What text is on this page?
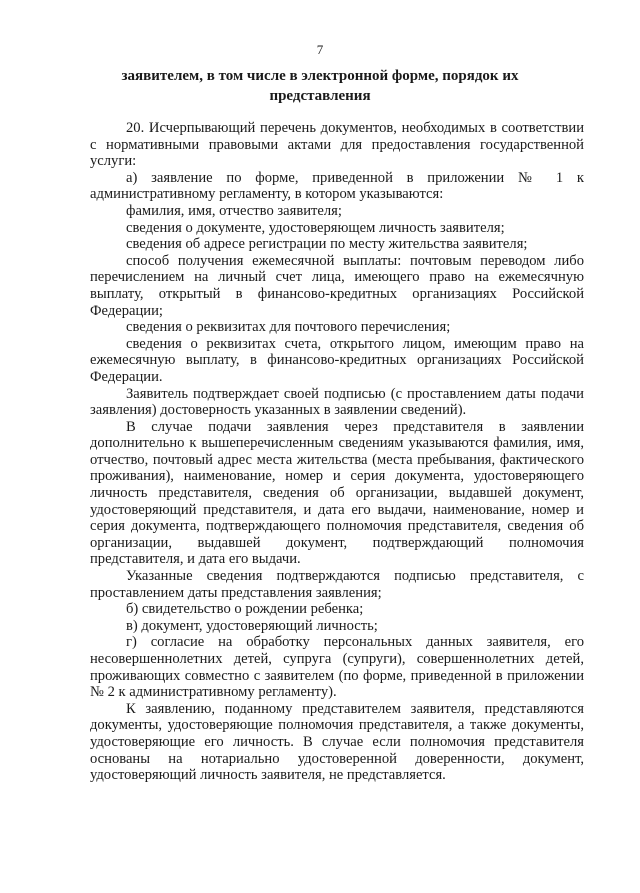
7
заявителем, в том числе в электронной форме, порядок их представления

20. Исчерпывающий перечень документов, необходимых в соответствии с нормативными правовыми актами для предоставления государственной услуги:

а) заявление по форме, приведенной в приложении № 1 к административному регламенту, в котором указываются:

фамилия, имя, отчество заявителя;

сведения о документе, удостоверяющем личность заявителя;

сведения об адресе регистрации по месту жительства заявителя;

способ получения ежемесячной выплаты: почтовым переводом либо перечислением на личный счет лица, имеющего право на ежемесячную выплату, открытый в финансово-кредитных организациях Российской Федерации;

сведения о реквизитах для почтового перечисления;

сведения о реквизитах счета, открытого лицом, имеющим право на ежемесячную выплату, в финансово-кредитных организациях Российской Федерации.

Заявитель подтверждает своей подписью (с проставлением даты подачи заявления) достоверность указанных в заявлении сведений).

В случае подачи заявления через представителя в заявлении дополнительно к вышеперечисленным сведениям указываются фамилия, имя, отчество, почтовый адрес места жительства (места пребывания, фактического проживания), наименование, номер и серия документа, удостоверяющего личность представителя, сведения об организации, выдавшей документ, удостоверяющий представителя, и дата его выдачи, наименование, номер и серия документа, подтверждающего полномочия представителя, сведения об организации, выдавшей документ, подтверждающий полномочия представителя, и дата его выдачи.

Указанные сведения подтверждаются подписью представителя, с проставлением даты представления заявления;

б) свидетельство о рождении ребенка;

в) документ, удостоверяющий личность;

г) согласие на обработку персональных данных заявителя, его несовершеннолетних детей, супруга (супруги), совершеннолетних детей, проживающих совместно с заявителем (по форме, приведенной в приложении № 2 к административному регламенту).

К заявлению, поданному представителем заявителя, представляются документы, удостоверяющие полномочия представителя, а также документы, удостоверяющие его личность. В случае если полномочия представителя основаны на нотариально удостоверенной доверенности, документ, удостоверяющий личность заявителя, не представляется.
